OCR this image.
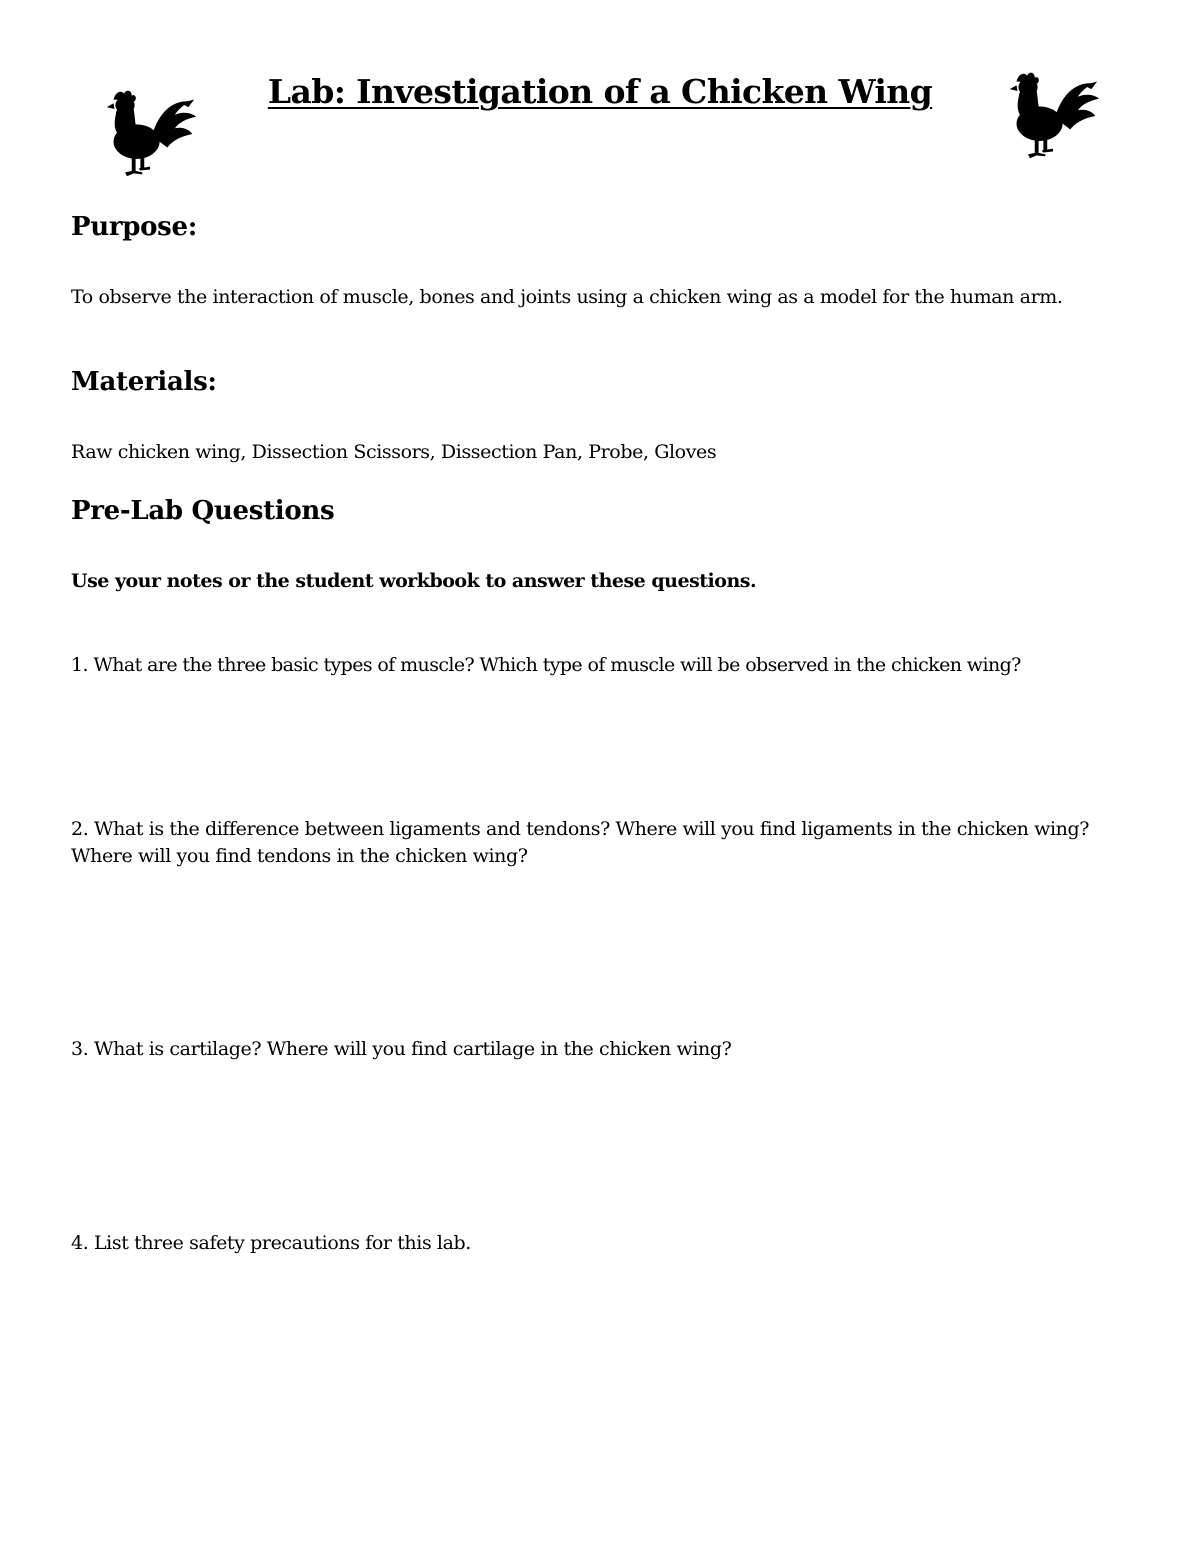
Lab: Investigation of a Chicken Wing
Purpose:

To observe the interaction of muscle, bones and joints using a chicken wing as a model for the human arm.

Materials:

Raw chicken wing, Dissection Scissors, Dissection Pan, Probe, Gloves

Pre-Lab Questions

Use your notes or the student workbook to answer these questions.

1. What are the three basic types of muscle? Which type of muscle will be observed in the chicken wing?

2. What is the difference between ligaments and tendons? Where will you find ligaments in the chicken wing? Where will you find tendons in the chicken wing?

3. What is cartilage? Where will you find cartilage in the chicken wing?

4. List three safety precautions for this lab.
